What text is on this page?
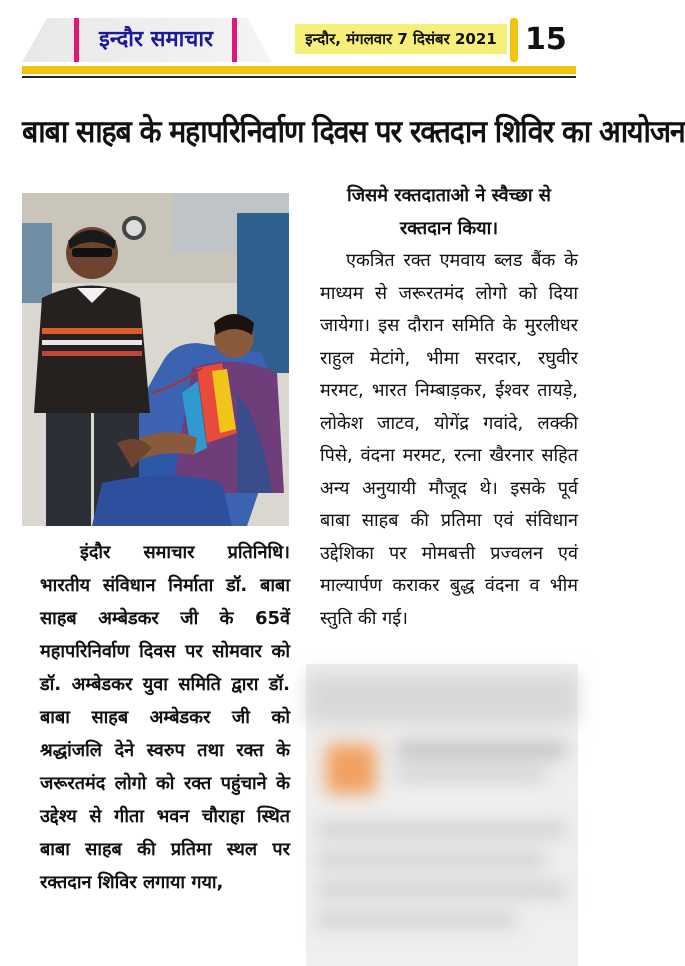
इन्दौर समाचार	इन्दौर, मंगलवार 7 दिसंबर 2021 15
बाबा साहब के महापरिनिर्वाण दिवस पर रक्तदान शिविर का आयोजन

जिसमे रक्तदाताओ ने स्वैच्छा से रक्तदान किया।

एकत्रित रक्त एमवाय ब्लड बैंक के माध्यम से जरूरतमंद लोगो को दिया जायेगा। इस दौरान समिति के मुरलीधर राहुल मेटांगे, भीमा सरदार, रघुवीर मरमट, भारत निम्बाड़कर, ईश्वर तायड़े, लोकेश जाटव, योगेंद्र गवांदे, लक्की पिसे, वंदना मरमट, रत्ना खैरनार सहित अन्य अनुयायी मौजूद थे। इसके पूर्व बाबा साहब की प्रतिमा एवं संविधान उद्देशिका पर मोमबत्ती प्रज्वलन एवं माल्यार्पण कराकर बुद्ध वंदना व भीम स्तुति की गई।

इंदौर समाचार प्रतिनिधि। भारतीय संविधान निर्माता डॉ. बाबा साहब अम्बेडकर जी के 65वें महापरिनिर्वाण दिवस पर सोमवार को डॉ. अम्बेडकर युवा समिति द्वारा डॉ. बाबा साहब अम्बेडकर जी को श्रद्धांजलि देने स्वरुप तथा रक्त के जरूरतमंद लोगो को रक्त पहुंचाने के उद्देश्य से गीता भवन चौराहा स्थित बाबा साहब की प्रतिमा स्थल पर रक्तदान शिविर लगाया गया,
